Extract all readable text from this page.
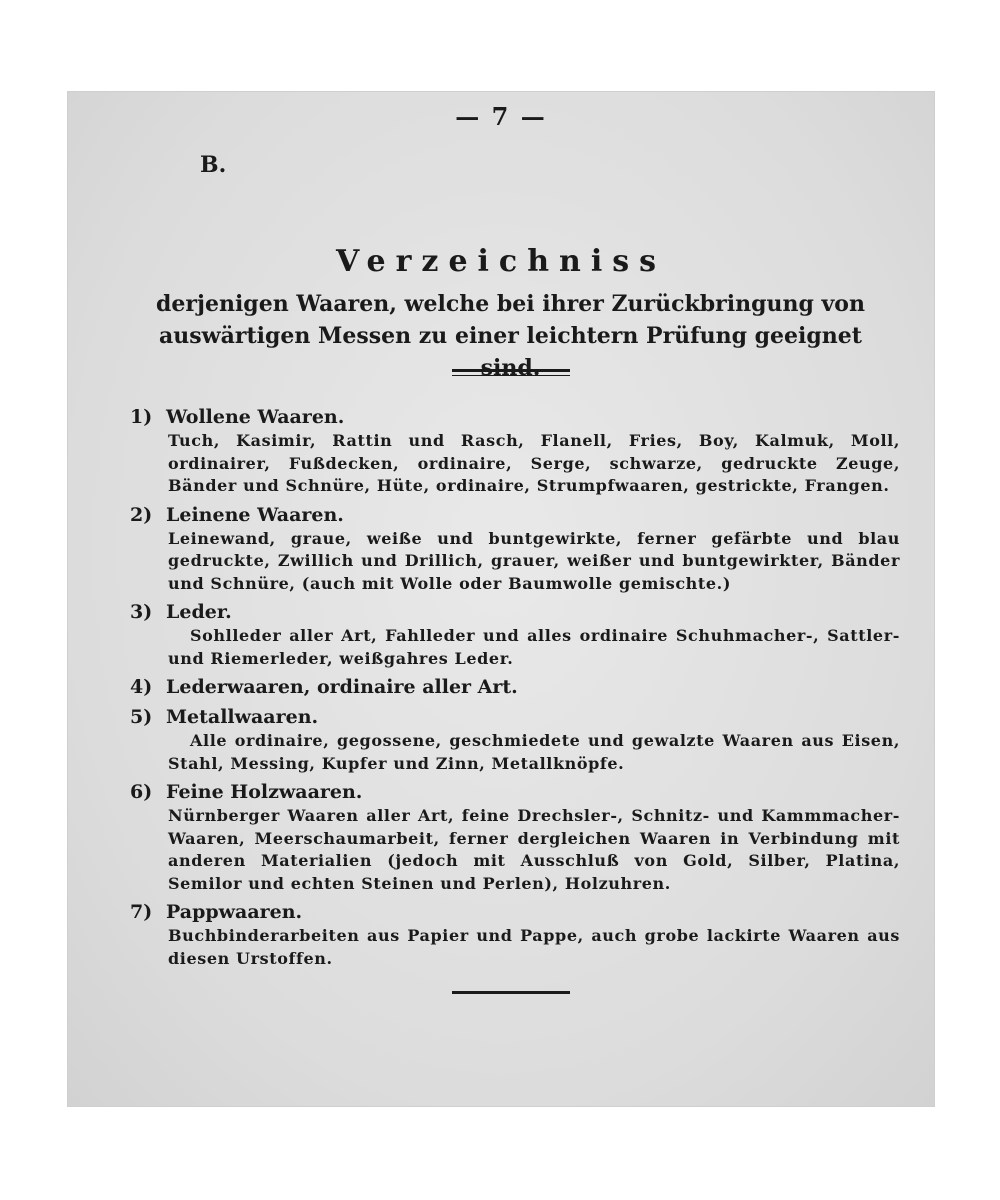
— 7 —
B.
Verzeichniss
derjenigen Waaren, welche bei ihrer Zurückbringung von auswärtigen Messen zu einer leichtern Prüfung geeignet sind.
1) Wollene Waaren.
Tuch, Kasimir, Rattin und Rasch, Flanell, Fries, Boy, Kalmuk, Moll, ordinairer, Fußdecken, ordinaire, Serge, schwarze, gedruckte Zeuge, Bänder und Schnüre, Hüte, ordinaire, Strumpfwaaren, gestrickte, Frangen.
2) Leinene Waaren.
Leinewand, graue, weiße und buntgewirkte, ferner gefärbte und blau gedruckte, Zwillich und Drillich, grauer, weißer und buntgewirkter, Bänder und Schnüre, (auch mit Wolle oder Baumwolle gemischte.)
3) Leder.
Sohlleder aller Art, Fahlleder und alles ordinaire Schuhmacher-, Sattler- und Riemerleder, weißgahres Leder.
4) Lederwaaren, ordinaire aller Art.
5) Metallwaaren.
Alle ordinaire, gegossene, geschmiedete und gewalzte Waaren aus Eisen, Stahl, Messing, Kupfer und Zinn, Metallknöpfe.
6) Feine Holzwaaren.
Nürnberger Waaren aller Art, feine Drechsler-, Schnitz- und Kammmacher-Waaren, Meerschaumarbeit, ferner dergleichen Waaren in Verbindung mit anderen Materialien (jedoch mit Ausschluß von Gold, Silber, Platina, Semilor und echten Steinen und Perlen), Holzuhren.
7) Pappwaaren.
Buchbinderarbeiten aus Papier und Pappe, auch grobe lackirte Waaren aus diesen Urstoffen.
